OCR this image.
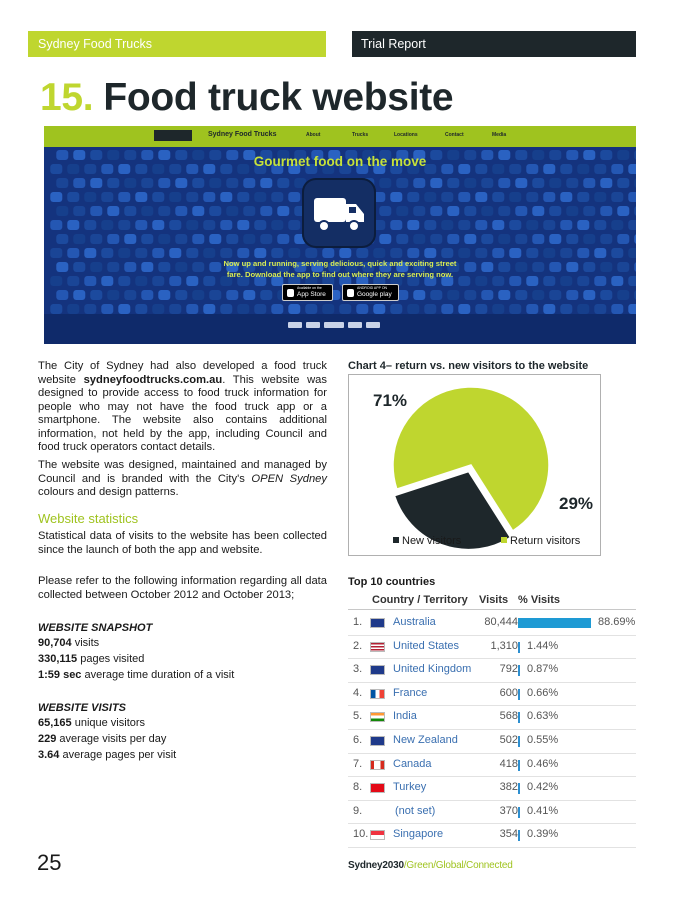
Sydney Food Trucks	Trial Report
15. Food truck website
Sydney Food Trucks	About	Trucks	Locations	Contact	Media
Gourmet food on the move
Now up and running, serving delicious, quick and exciting street
fare. Download the app to find out where they are serving now.
Available on the
App Store
ANDROID APP ON
Google play
The City of Sydney had also developed a food truck website sydneyfoodtrucks.com.au. This website was designed to provide access to food truck information for people who may not have the food truck app or a smartphone. The website also contains additional information, not held by the app, including Council and food truck operators contact details.
The website was designed, maintained and managed by Council and is branded with the City's OPEN Sydney colours and design patterns.
Website statistics
Statistical data of visits to the website has been collected since the launch of both the app and website.
Please refer to the following information regarding all data collected between October 2012 and October 2013;
WEBSITE SNAPSHOT
90,704 visits
330,115 pages visited
1:59 sec average time duration of a visit
WEBSITE VISITS
65,165 unique visitors
229 average visits per day
3.64 average pages per visit
Chart 4– return vs. new visitors to the website
71%
29%
New visitors	Return visitors
Top 10 countries
Country / Territory Visits % Visits
1.	Australia	80,444	88.69%
2.	United States	1,310 1.44%
3.	United Kingdom	792 0.87%
4.	France	600 0.66%
5.	India	568 0.63%
6.	New Zealand	502 0.55%
7.	Canada	418 0.46%
8.	Turkey	382 0.42%
9.	(not set)	370 0.41%
10. Singapore	354 0.39%
25	Sydney2030/Green/Global/Connected
